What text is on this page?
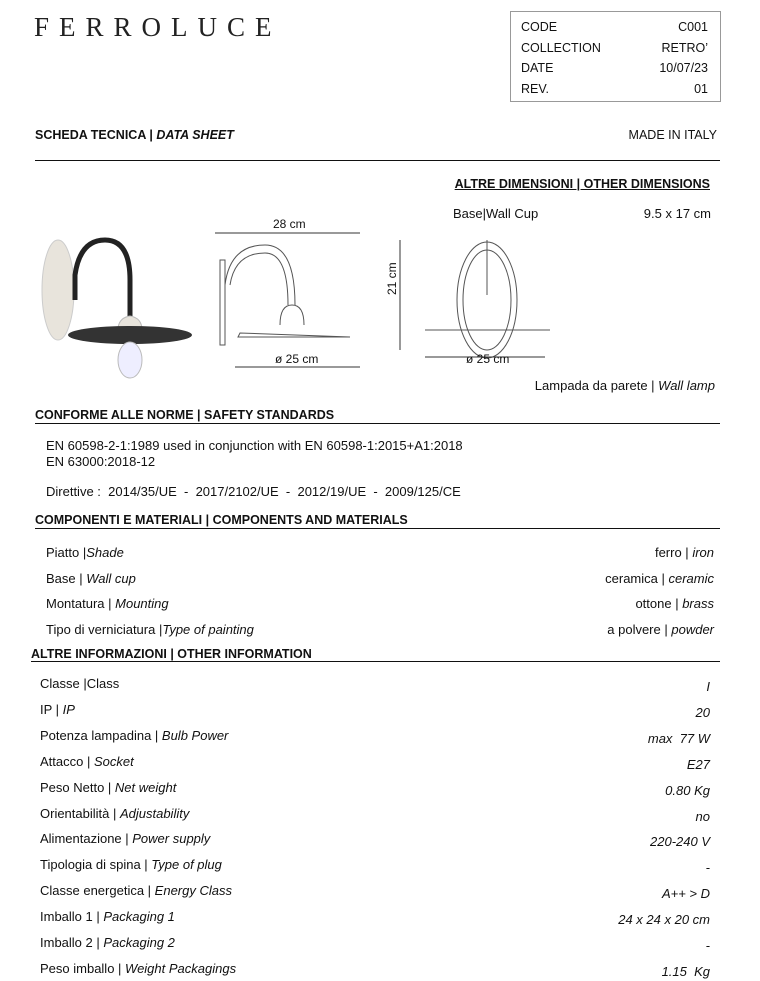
FERROLUCE	CODE	C001
COLLECTION	RETRO’
DATE	10/07/23
REV.	01
SCHEDA TECNICA | DATA SHEET	MADE IN ITALY
ALTRE DIMENSIONI | OTHER DIMENSIONS
Base|Wall Cup	9.5 x 17 cm
28 cm
ø 25 cm
21 cm
ø 25 cm
Lampada da parete | Wall lamp
CONFORME ALLE NORME | SAFETY STANDARDS
EN 60598-2-1:1989 used in conjunction with EN 60598-1:2015+A1:2018
EN 63000:2018-12
Direttive :  2014/35/UE  -  2017/2102/UE  -  2012/19/UE  -  2009/125/CE
COMPONENTI E MATERIALI | COMPONENTS AND MATERIALS
ALTRE INFORMAZIONI | OTHER INFORMATION
Piatto |Shade	ferro | iron
Base | Wall cup	ceramica | ceramic
Montatura | Mounting	ottone | brass
Tipo di verniciatura |Type of painting	a polvere | powder
Classe |Class	I
IP | IP	20
Potenza lampadina | Bulb Power	max  77 W
Attacco | Socket	E27
Peso Netto | Net weight	0.80 Kg
Orientabilità | Adjustability	no
Alimentazione | Power supply	220-240 V
Tipologia di spina | Type of plug	-
Classe energetica | Energy Class	A++ > D
Imballo 1 | Packaging 1	24 x 24 x 20 cm
Imballo 2 | Packaging 2	-
Peso imballo | Weight Packagings	1.15  Kg
